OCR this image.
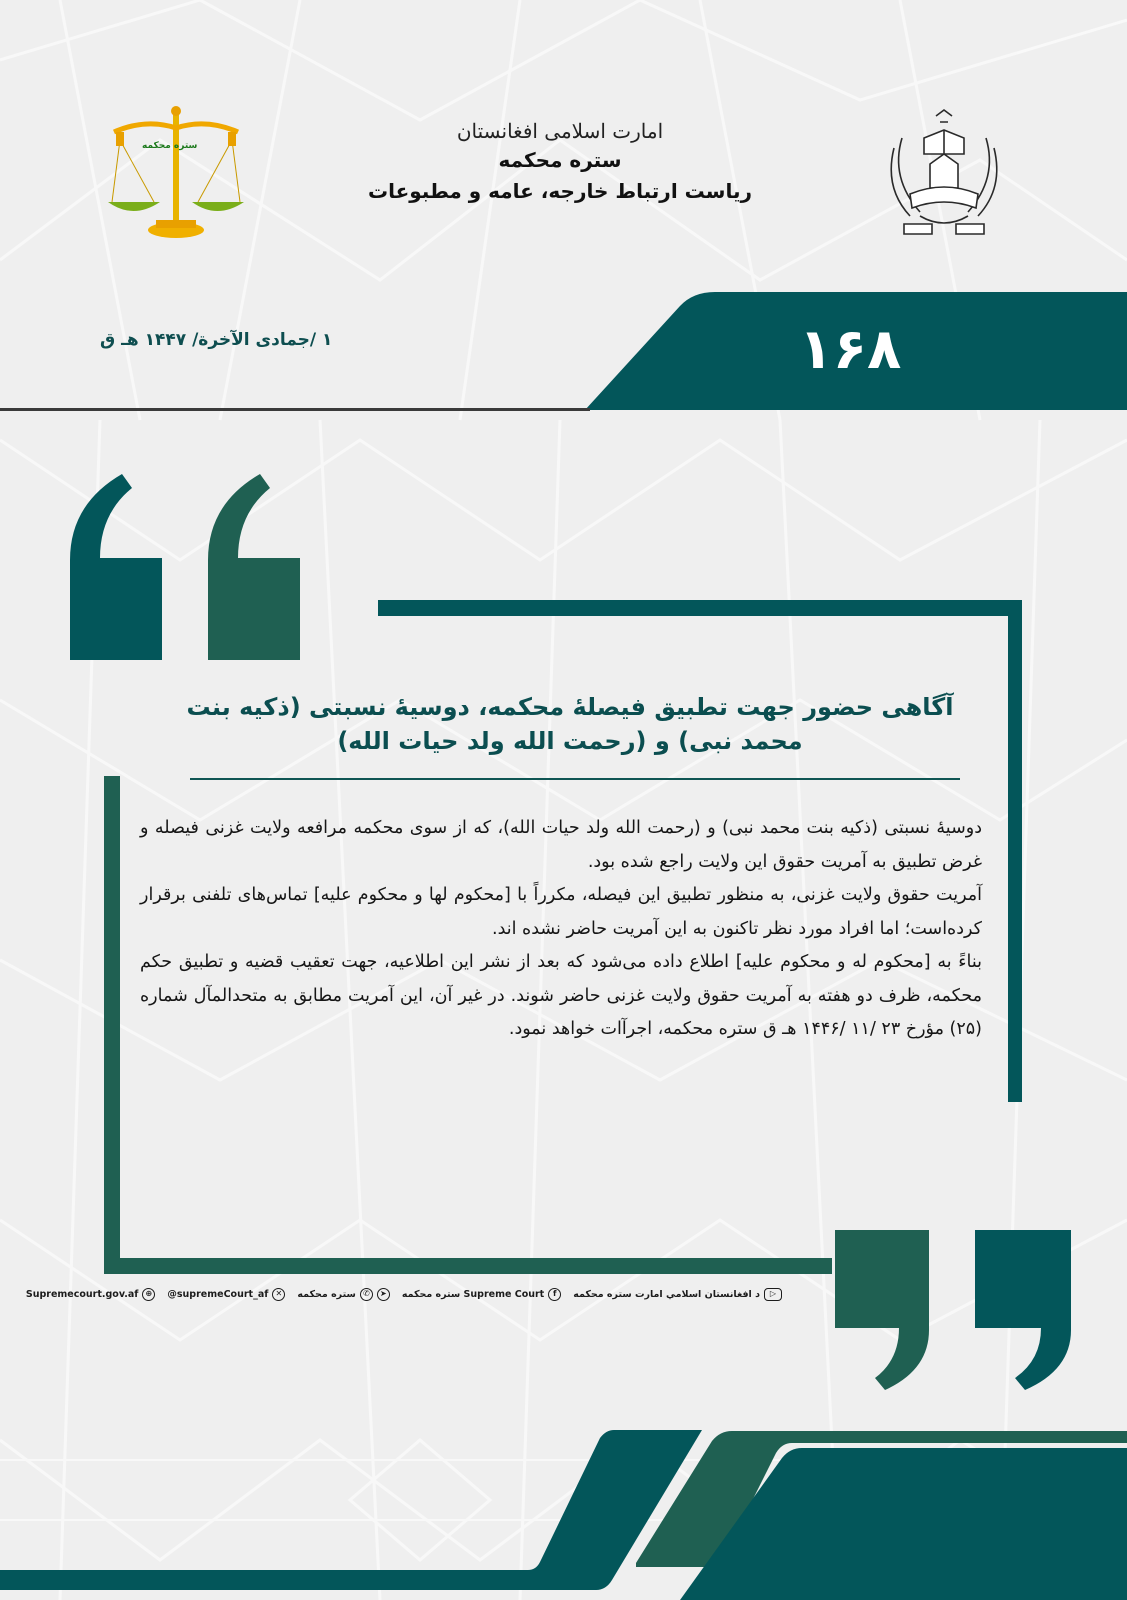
ستره محکمه
امارت اسلامی افغانستان
ستره محکمه
ریاست ارتباط خارجه، عامه و مطبوعات
۱۶۸
۱ /جمادی الآخرة/ ۱۴۴۷ هـ ق
آگاهی حضور جهت تطبیق فیصلهٔ محکمه، دوسیهٔ نسبتی (ذکیه بنت محمد نبی) و (رحمت الله ولد حیات الله)

دوسیهٔ نسبتی (ذکیه بنت محمد نبی) و (رحمت الله ولد حیات الله)، که از سوی محکمه مرافعه ولایت غزنی فیصله و غرض تطبیق به آمریت حقوق این ولایت راجع شده بود.

آمریت حقوق ولایت غزنی، به منظور تطبیق این فیصله، مکرراً با [محکوم لها و محکوم علیه] تماس‌های تلفنی برقرار کرده‌است؛ اما افراد مورد نظر تاکنون به این آمریت حاضر نشده اند.

بناءً به [محکوم له و محکوم علیه] اطلاع داده می‌شود که بعد از نشر این اطلاعیه، جهت تعقیب قضیه و تطبیق حکم محکمه، ظرف دو هفته به آمریت حقوق ولایت غزنی حاضر شوند. در غیر آن، این آمریت مطابق به متحدالمآل شماره (۲۵) مؤرخ ۲۳ /۱۱ /۱۴۴۶ هـ ق ستره محکمه، اجرآات خواهد نمود.

د افغانستان اسلامي امارت ستره محکمه	▷
ستره محکمه Supreme Court	f
ستره محکمه ✆	➤
@supremeCourt_af ✕
Supremecourt.gov.af ⊕
